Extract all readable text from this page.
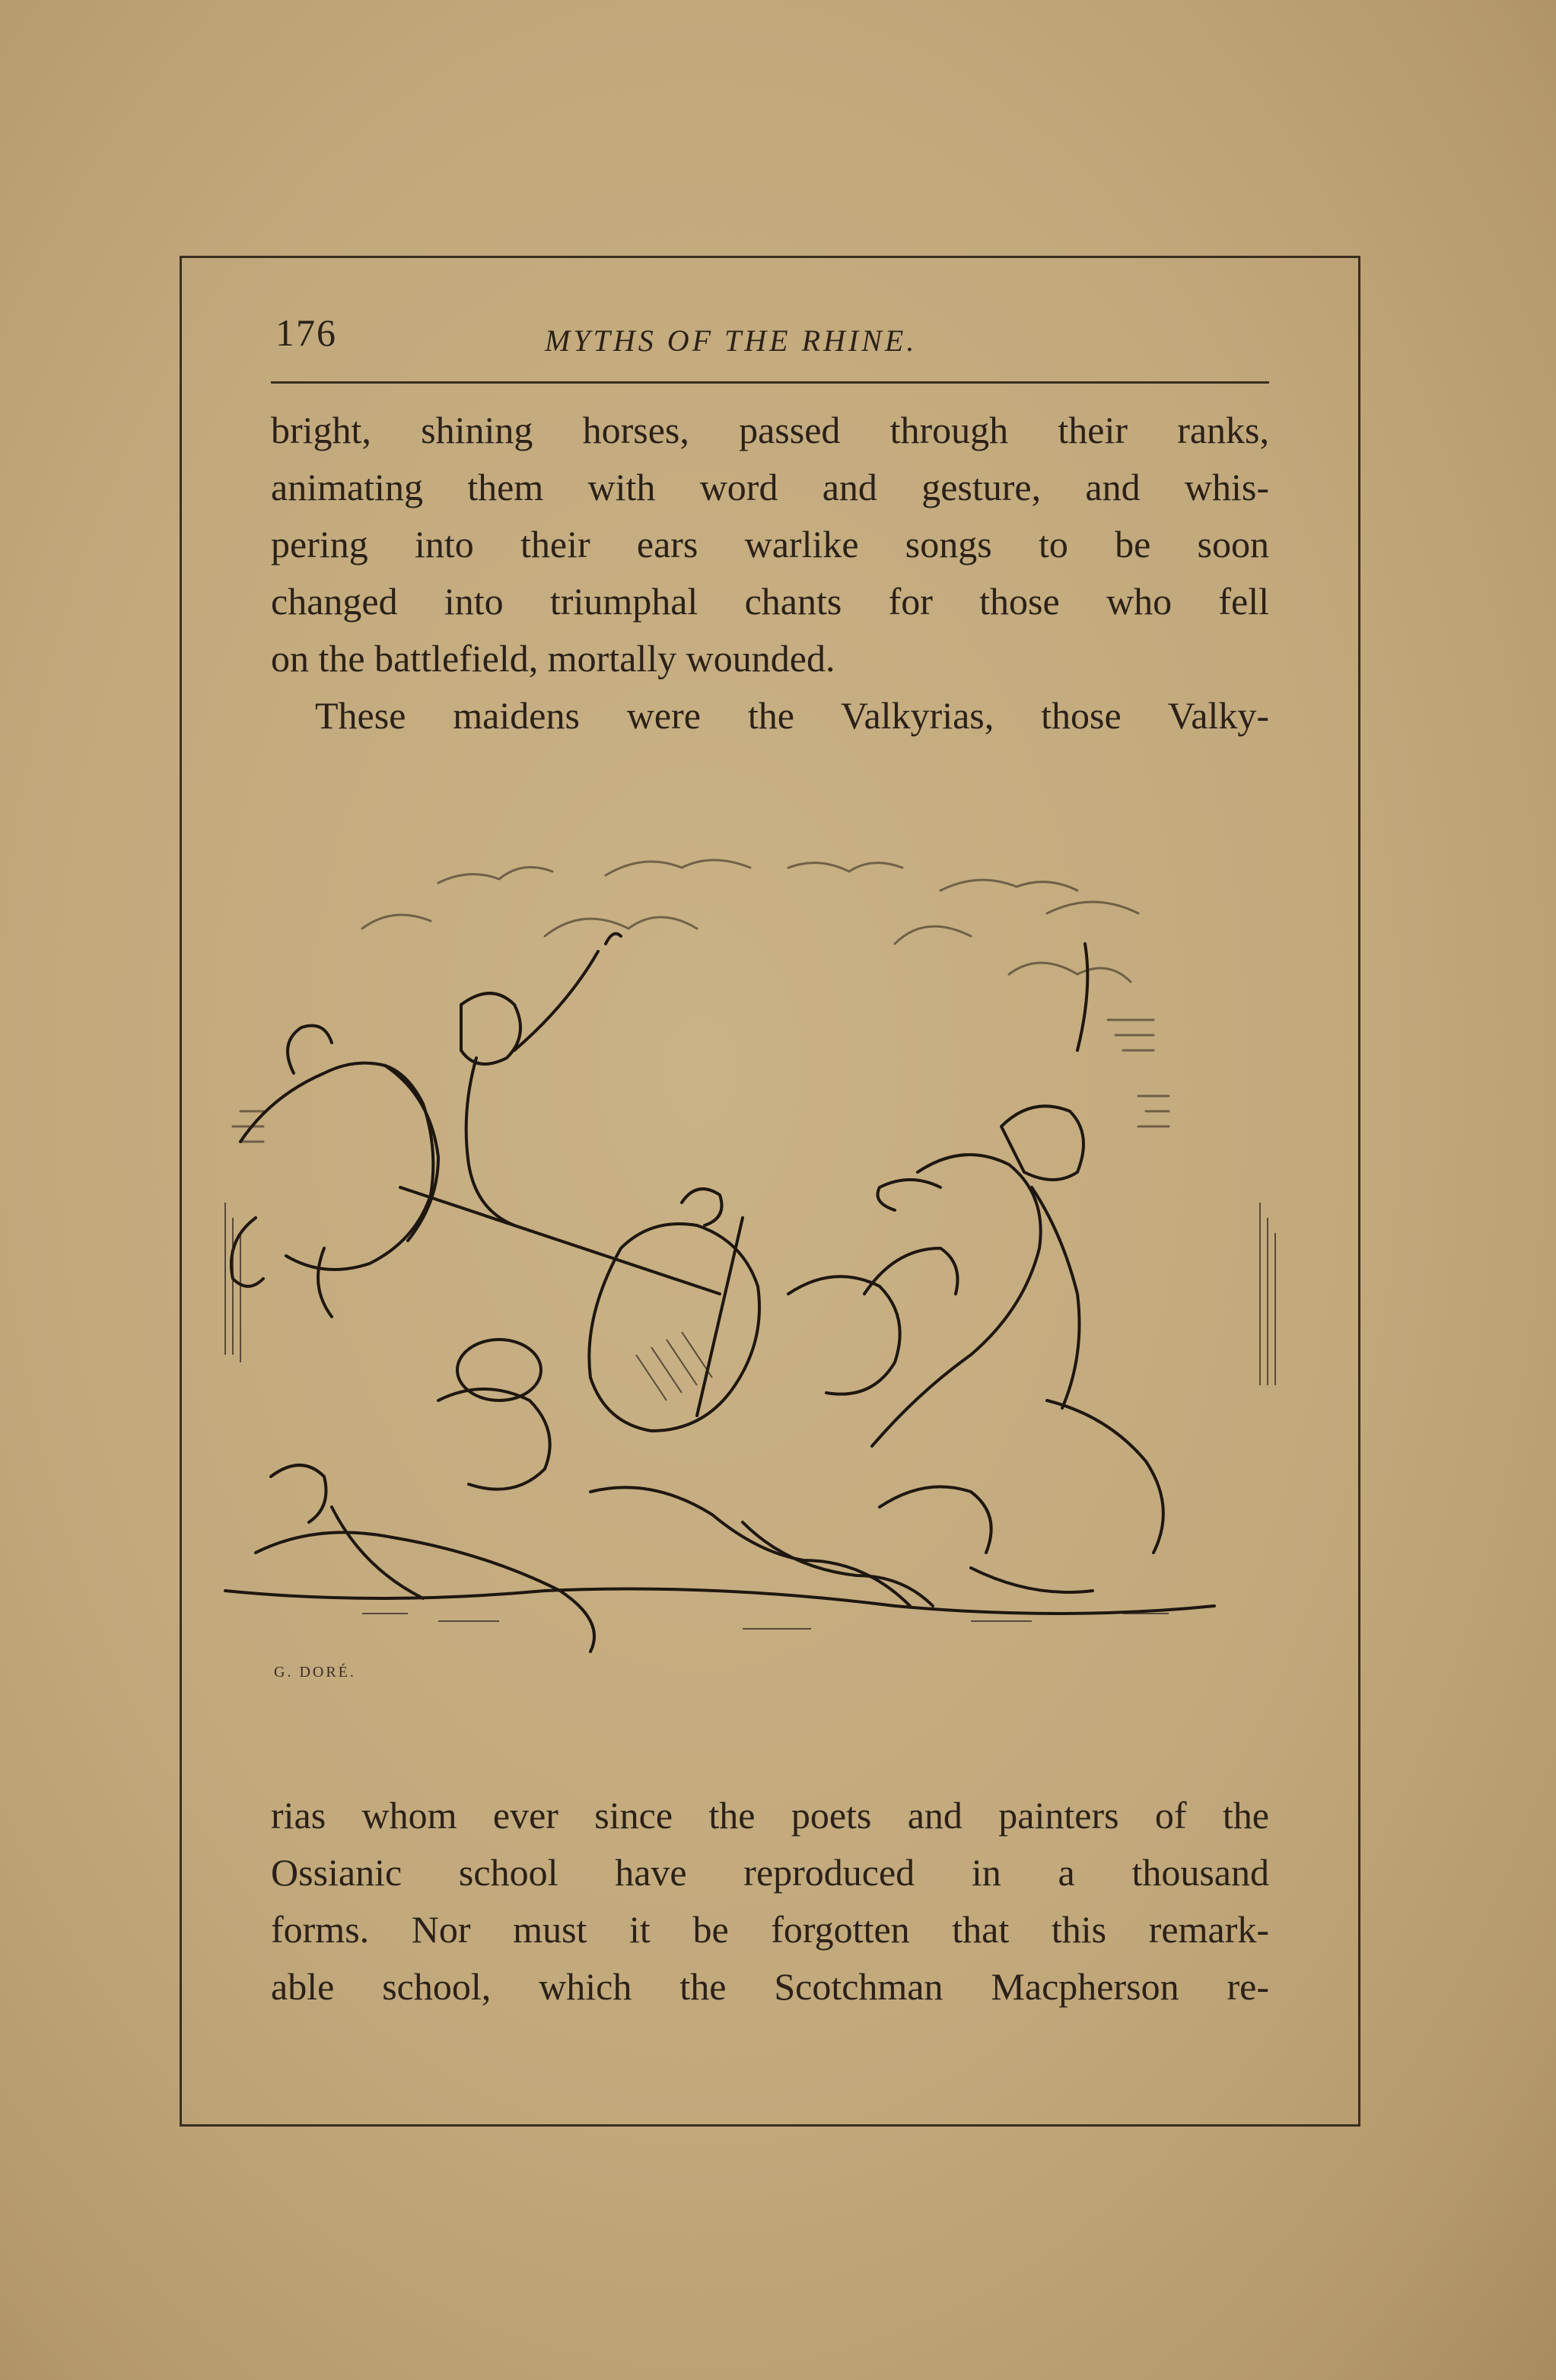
176	MYTHS OF THE RHINE.
bright, shining horses, passed through their ranks,
animating them with word and gesture, and whis-
pering into their ears warlike songs to be soon
changed into triumphal chants for those who fell
on the battlefield, mortally wounded.
These maidens were the Valkyrias, those Valky-
G. DORÉ.
rias whom ever since the poets and painters of the
Ossianic school have reproduced in a thousand
forms. Nor must it be forgotten that this remark-
able school, which the Scotchman Macpherson re-
